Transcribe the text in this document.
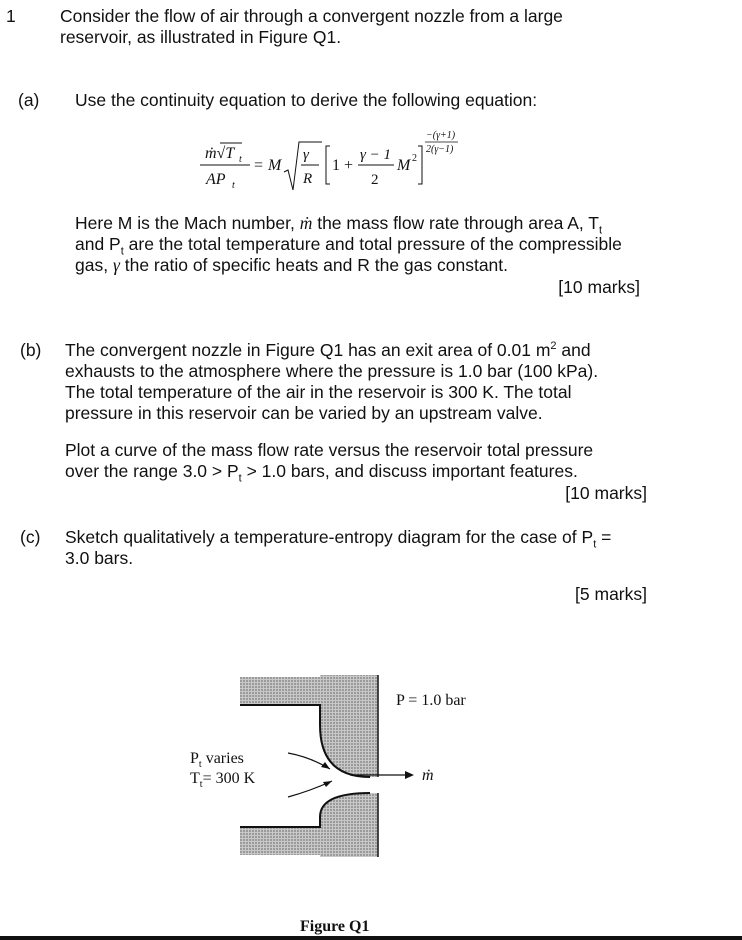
1	Consider the flow of air through a convergent nozzle from a large
reservoir, as illustrated in Figure Q1.
(a) Use the continuity equation to derive the following equation:
ṁ√T t
AP t
= M
γ
R
1 +
γ − 1
2
M 2
−(γ+1)
2(γ−1)
Here M is the Mach number, ṁ the mass flow rate through area A, $T_t$
and $P_t$ are the total temperature and total pressure of the compressible
gas, γ the ratio of specific heats and R the gas constant.
[10 marks]
(b) The convergent nozzle in Figure Q1 has an exit area of 0.01 $m^2$ and
exhausts to the atmosphere where the pressure is 1.0 bar (100 kPa).
The total temperature of the air in the reservoir is 300 K. The total
pressure in this reservoir can be varied by an upstream valve.
Plot a curve of the mass flow rate versus the reservoir total pressure
over the range $3.0 > P_t > 1.0$ bars, and discuss important features.
[10 marks]
(c) Sketch qualitatively a temperature-entropy diagram for the case of $P_t$ =
3.0 bars.
[5 marks]
P = 1.0 bar
$P_t$ varies
$T_t= 300$ K	ṁ
Figure Q1
